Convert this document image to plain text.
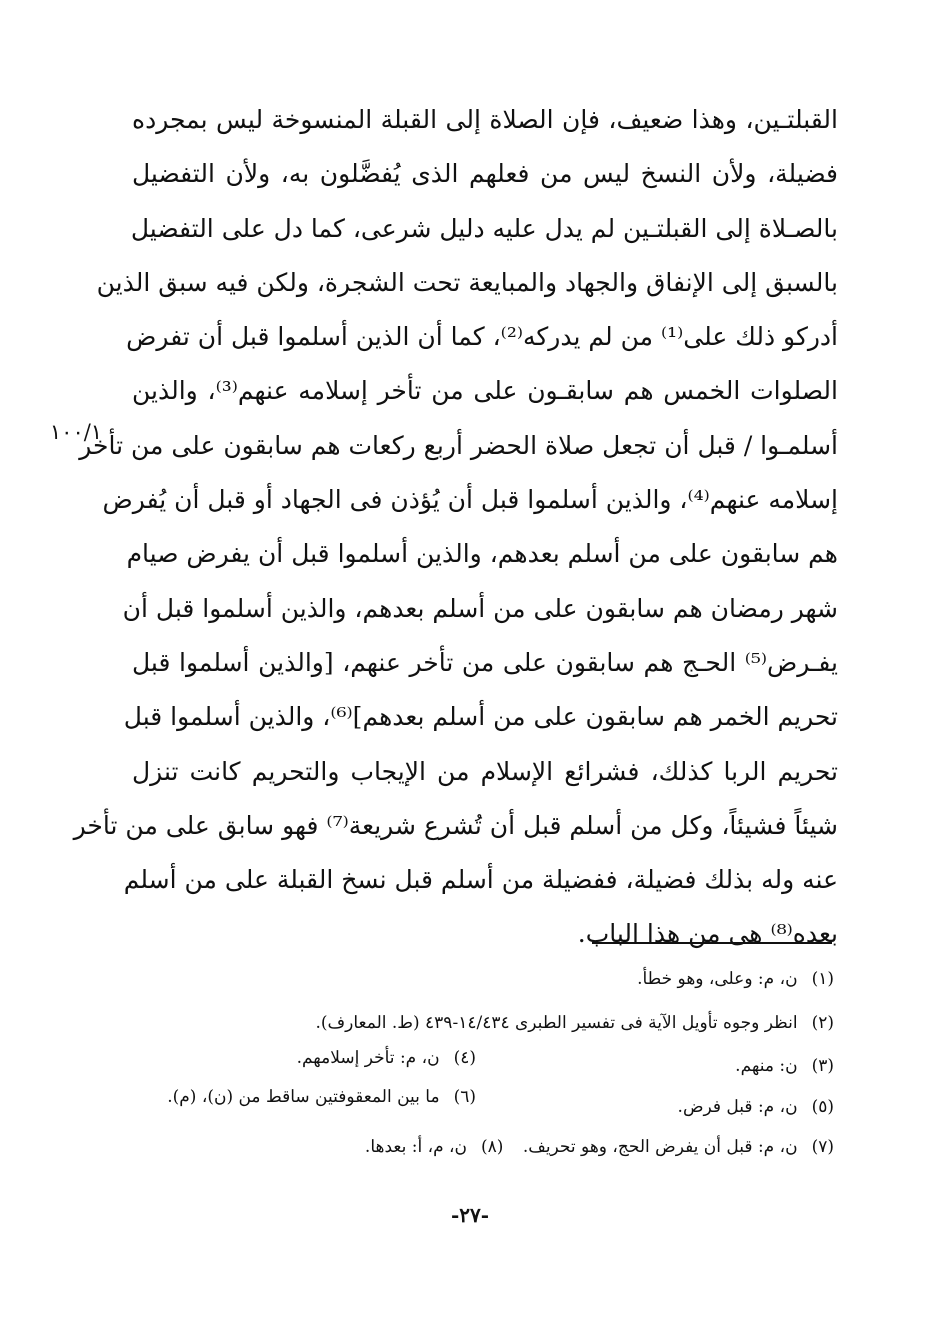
القبلتـين، وهذا ضعيف، فإن الصلاة إلى القبلة المنسوخة ليس بمجرده
فضيلة، ولأن النسخ ليس من فعلهم الذى يُفضَّلون به، ولأن التفضيل
بالصـلاة إلى القبلتـين لم يدل عليه دليل شرعى، كما دل على التفضيل
بالسبق إلى الإنفاق والجهاد والمبايعة تحت الشجرة، ولكن فيه سبق الذين
أدركو ذلك على⁽¹⁾ من لم يدركه⁽²⁾، كما أن الذين أسلموا قبل أن تفرض
الصلوات الخمس هم سابقـون على من تأخر إسلامه عنهم⁽³⁾، والذين
أسلمـوا / قبل أن تجعل صلاة الحضر أربع ركعات هم سابقون على من تأخر
إسلامه عنهم⁽⁴⁾، والذين أسلموا قبل أن يُؤذن فى الجهاد أو قبل أن يُفرض
هم سابقون على من أسلم بعدهم، والذين أسلموا قبل أن يفرض صيام
شهر رمضان هم سابقون على من أسلم بعدهم، والذين أسلموا قبل أن
يفـرض⁽⁵⁾ الحـج هم سابقون على من تأخر عنهم، [والذين أسلموا قبل
تحريم الخمر هم سابقون على من أسلم بعدهم]⁽⁶⁾، والذين أسلموا قبل
تحريم الربا كذلك، فشرائع الإسلام من الإيجاب والتحريم كانت تنزل
شيئاً فشيئاً، وكل من أسلم قبل أن تُشرع شريعة⁽⁷⁾ فهو سابق على من تأخر
عنه وله بذلك فضيلة، ففضيلة من أسلم قبل نسخ القبلة على من أسلم
بعده⁽⁸⁾ هى من هذا الباب.
١٠٠/١
(١)ن، م: وعلى، وهو خطأ.
(٢)انظر وجوه تأويل الآية فى تفسير الطبرى ١٤/٤٣٤-٤٣٩ (ط. المعارف).
(٣)ن: منهم.
(٤)ن، م: تأخر إسلامهم.
(٥)ن، م: قبل فرض.
(٦)ما بين المعقوفتين ساقط من (ن)، (م).
(٧)ن، م: قبل أن يفرض الحج، وهو تحريف. (٨)ن، م، أ: بعدها.
-٢٧-
